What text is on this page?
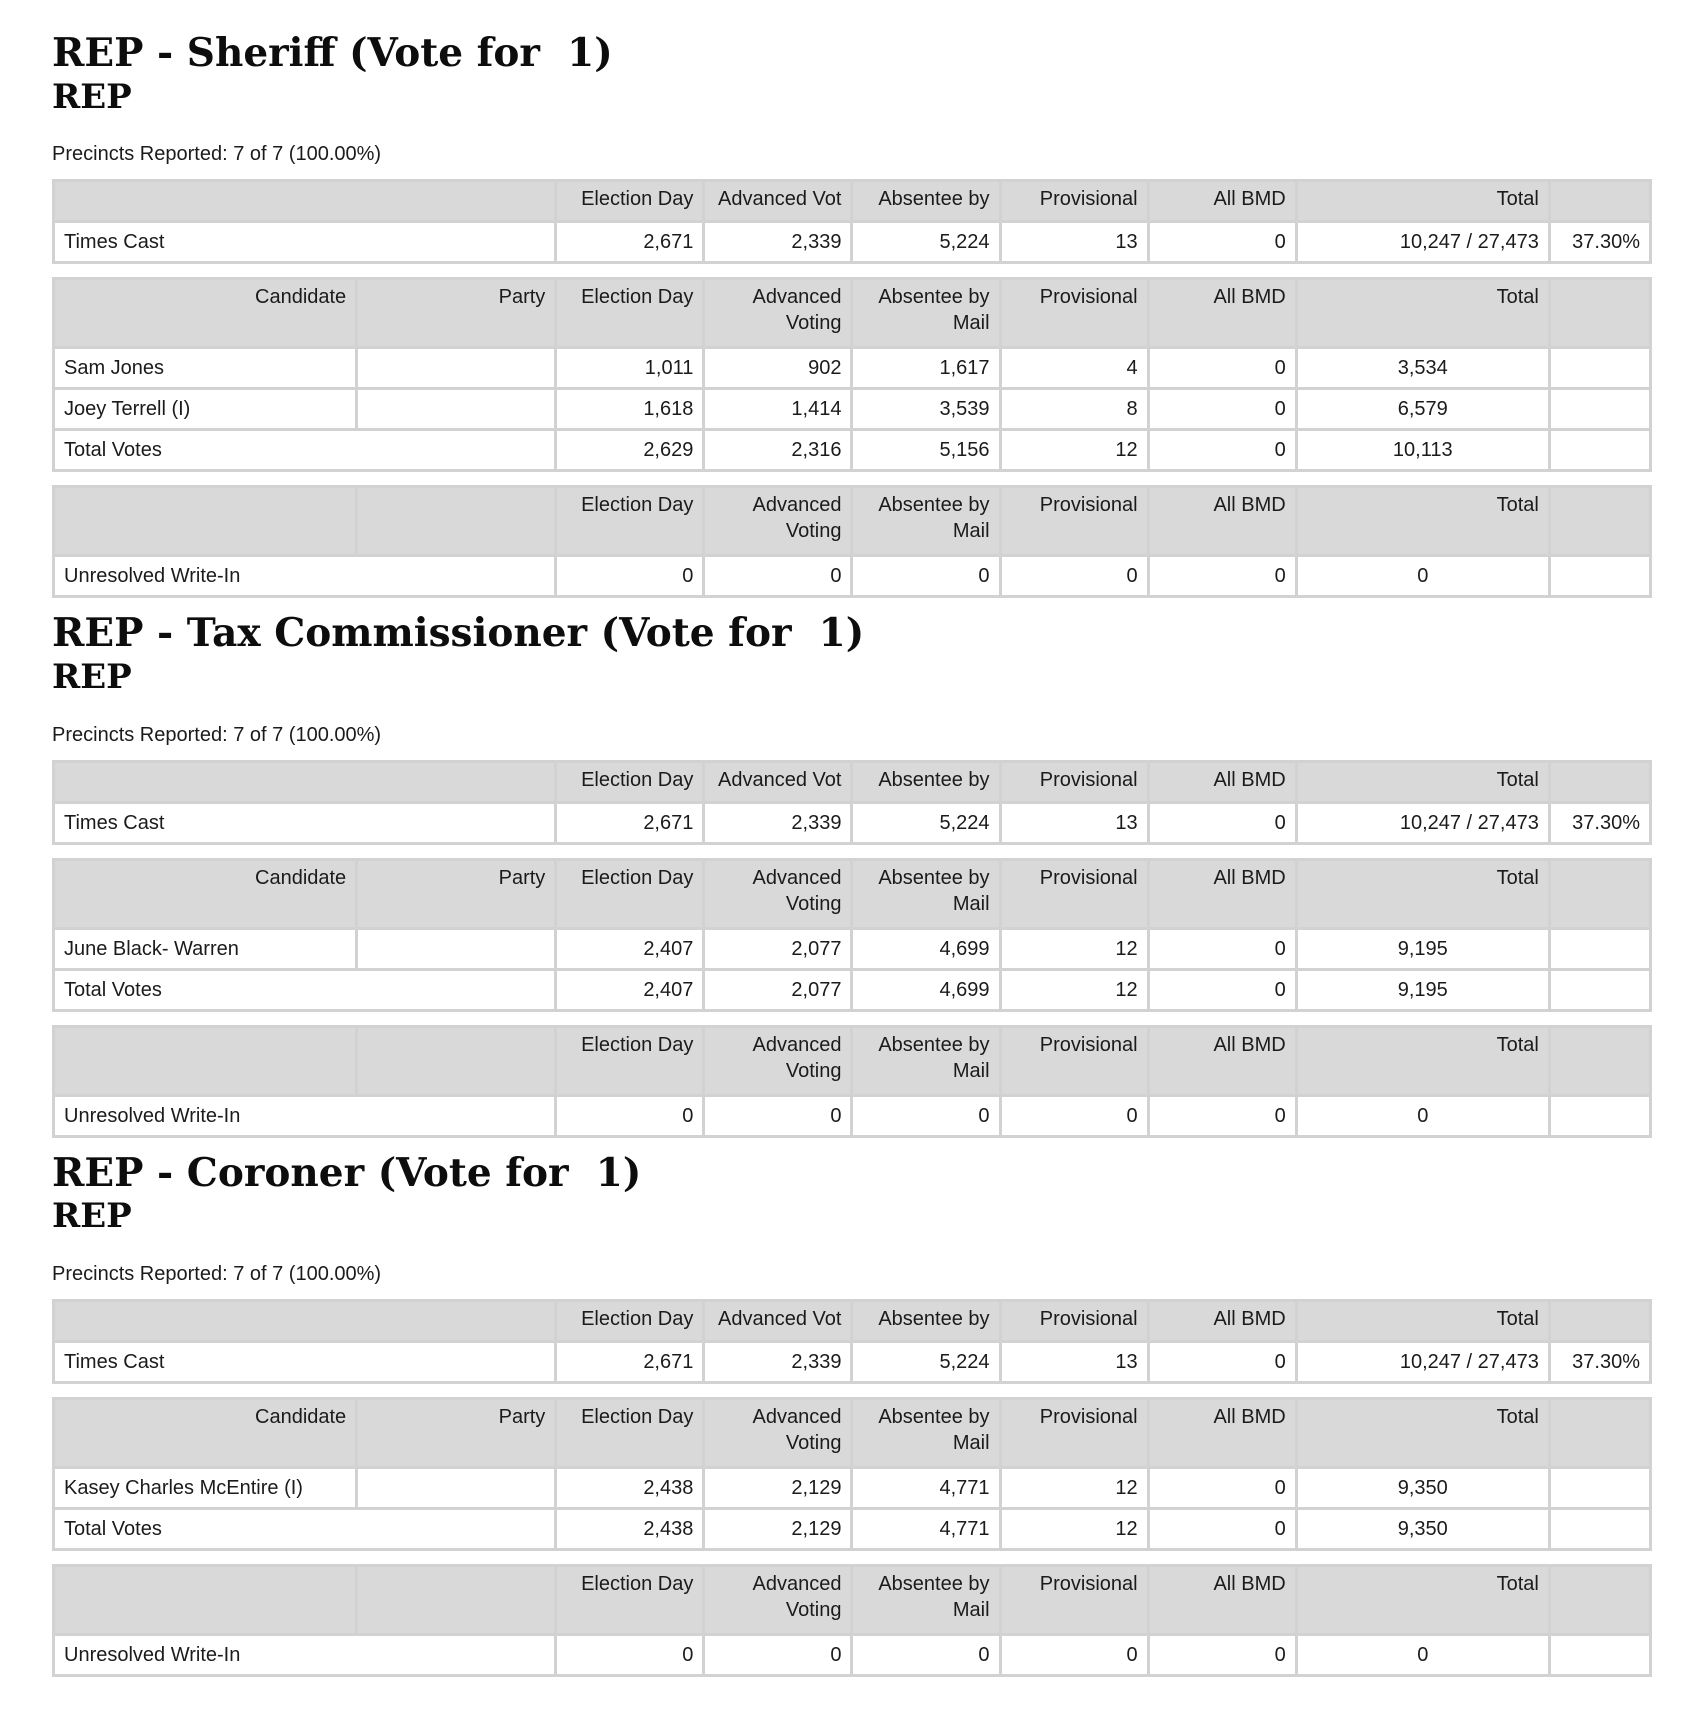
REP - Sheriff (Vote for  1)
REP

Precincts Reported: 7 of 7 (100.00%)

	Election Day	Advanced Vot	Absentee by	Provisional	All BMD	Total	
Times Cast	2,671	2,339	5,224	13	0	10,247 / 27,473	37.30%
Candidate	Party	Election Day	Advanced Voting	Absentee by Mail	Provisional	All BMD	Total	
Sam Jones		1,011	902	1,617	4	0	3,534	
Joey Terrell (I)		1,618	1,414	3,539	8	0	6,579	
Total Votes		2,629	2,316	5,156	12	0	10,113	
		Election Day	Advanced Voting	Absentee by Mail	Provisional	All BMD	Total	
Unresolved Write-In		0	0	0	0	0	0	
REP - Tax Commissioner (Vote for  1)
REP

Precincts Reported: 7 of 7 (100.00%)

	Election Day	Advanced Vot	Absentee by	Provisional	All BMD	Total	
Times Cast	2,671	2,339	5,224	13	0	10,247 / 27,473	37.30%
Candidate	Party	Election Day	Advanced Voting	Absentee by Mail	Provisional	All BMD	Total	
June Black- Warren		2,407	2,077	4,699	12	0	9,195	
Total Votes		2,407	2,077	4,699	12	0	9,195	
		Election Day	Advanced Voting	Absentee by Mail	Provisional	All BMD	Total	
Unresolved Write-In		0	0	0	0	0	0	
REP - Coroner (Vote for  1)
REP

Precincts Reported: 7 of 7 (100.00%)

	Election Day	Advanced Vot	Absentee by	Provisional	All BMD	Total	
Times Cast	2,671	2,339	5,224	13	0	10,247 / 27,473	37.30%
Candidate	Party	Election Day	Advanced Voting	Absentee by Mail	Provisional	All BMD	Total	
Kasey Charles McEntire (I)		2,438	2,129	4,771	12	0	9,350	
Total Votes		2,438	2,129	4,771	12	0	9,350	
		Election Day	Advanced Voting	Absentee by Mail	Provisional	All BMD	Total	
Unresolved Write-In		0	0	0	0	0	0	
